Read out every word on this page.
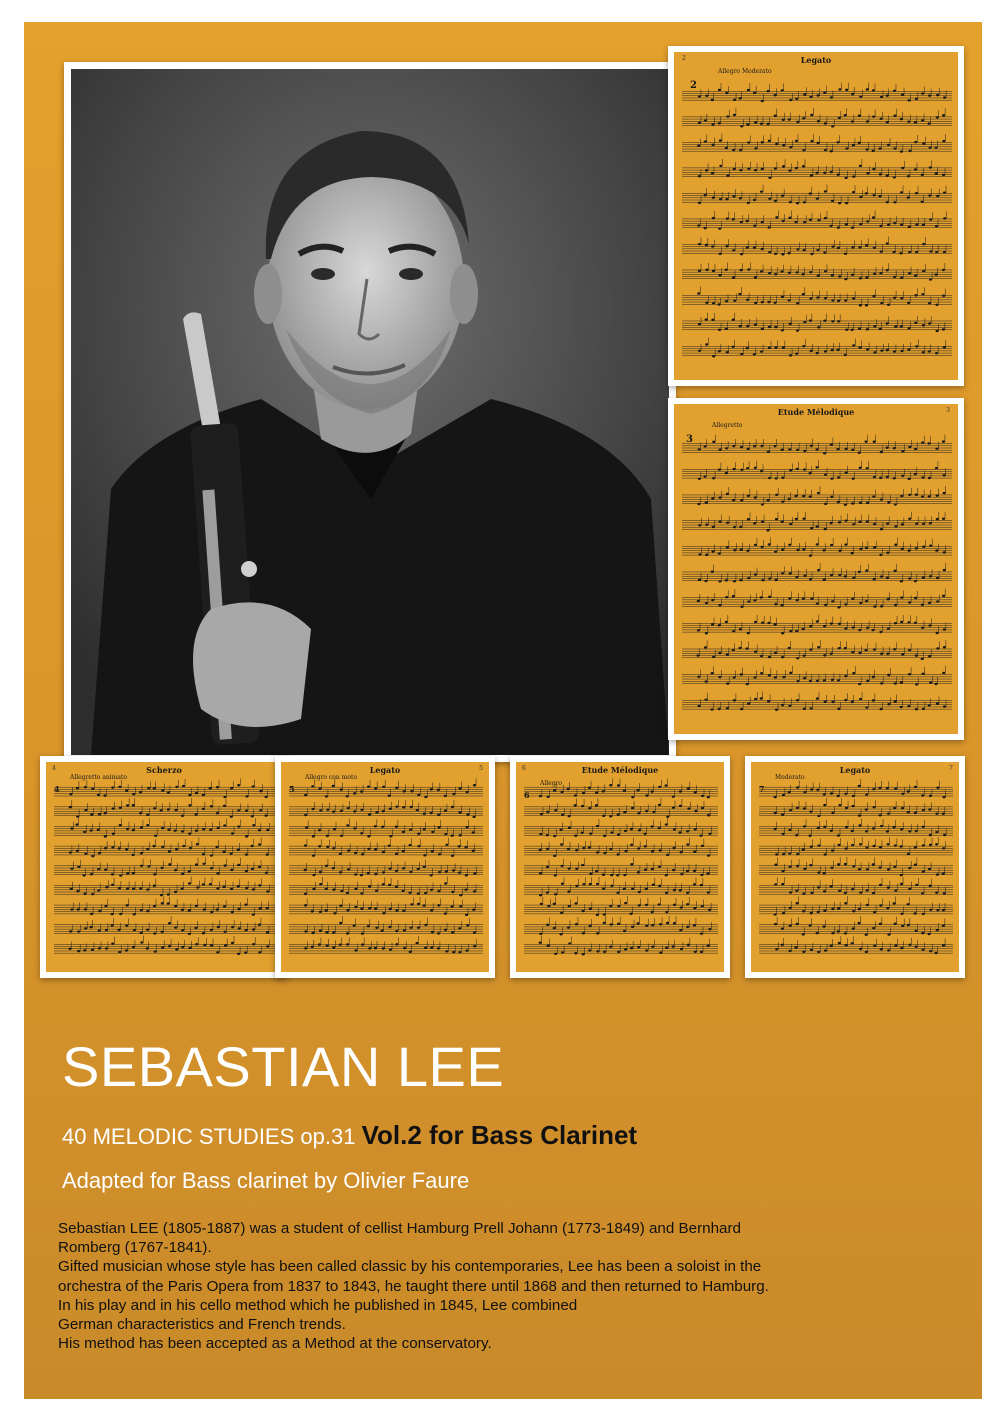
Legato
Allegro Moderato
2
2
Etude Mélodique
Allegretto
3
3
Scherzo
Allegretto animato
4
4	Legato
Allegro con moto
5
5	Etude Mélodique
Allegro
6
6	Legato
Moderato
7
7
SEBASTIAN LEE
40 MELODIC STUDIES op.31 Vol.2 for Bass Clarinet
Adapted for Bass clarinet by Olivier Faure
Sebastian LEE (1805-1887) was a student of cellist Hamburg Prell Johann (1773-1849) and Bernhard
Romberg (1767-1841).
Gifted musician whose style has been called classic by his contemporaries, Lee has been a soloist in the
orchestra of the Paris Opera from 1837 to 1843, he taught there until 1868 and then returned to Hamburg.
In his play and in his cello method which he published in 1845, Lee combined
German characteristics and French trends.
His method has been accepted as a Method at the conservatory.
